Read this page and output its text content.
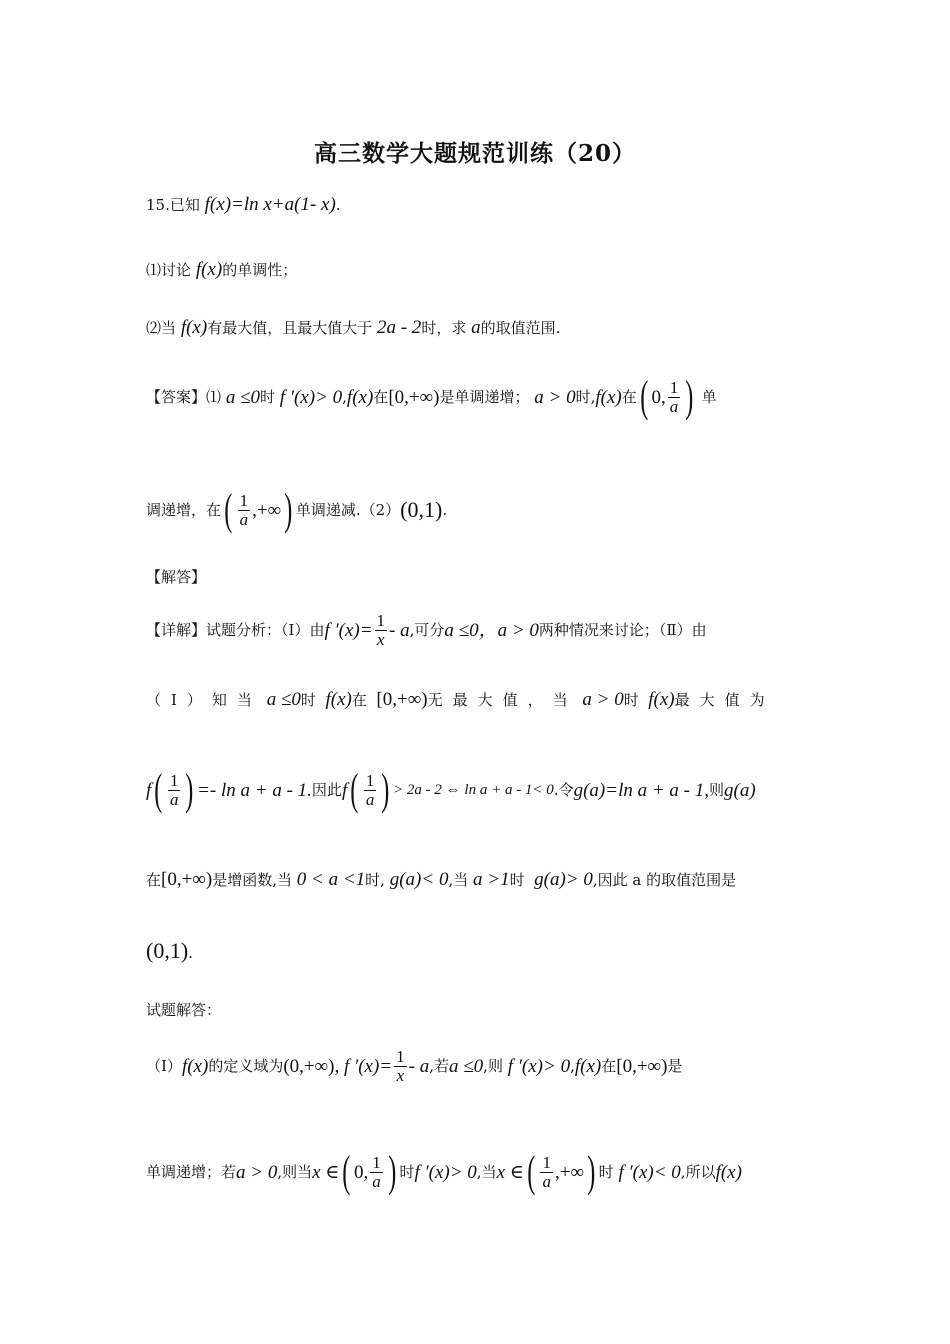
高三数学大题规范训练（20）
15.已知 f(x)=ln x+a(1- x).
⑴讨论 f(x)的单调性；
⑵当 f(x)有最大值，且最大值大于 2a - 2时，求 a的取值范围.
【答案】 ⑴
a ≤0 时
f ′(x)> 0 , f(x) 在 [0,+∞) 是单调递增；
a > 0 时, f(x) 在 ( 0, $\frac{1}{a}$ )
单
调递增，在 ( $\frac{1}{a}$ ,+∞ ) 单调递减. （2） (0,1) .
【解答】
【详解】 试题分析：（Ⅰ）由 f $'(x)= \frac{1}{x} - a$ ,可分 a ≤0，a > 0 两种情况来讨论；（Ⅱ）由
（Ⅰ）知当 a ≤0时 f(x)在 [0,+∞)无最大值，当 a > 0时 f(x)最大值为
f ( $\frac{1}{a}$ ) =- ln a + a - 1. 因此 f ( $\frac{1}{a}$ ) > 2a - 2 ⇔ ln a + a - 1< 0 .令 g(a)=ln a + a - 1, 则 g(a)
在[0,+∞)是增函数,当 0 < a <1时, g(a)< 0,当 a >1时 g(a)> 0,因此 a 的取值范围是
(0,1).
试题解答：
（Ⅰ） f(x) 的定义域为 (0,+∞),
f $'(x)= \frac{1}{x} - a$ ,若 a ≤0 ,则
f ′(x)> 0 , f(x) 在 [0,+∞) 是
单调递增；若 a > 0 ,则当 x ∈ ( 0, $\frac{1}{a}$ ) 时 f ′(x)> 0 ,当 x ∈ ( $\frac{1}{a}$ ,+∞ ) 时
f ′(x)< 0 ,所以 f(x)
